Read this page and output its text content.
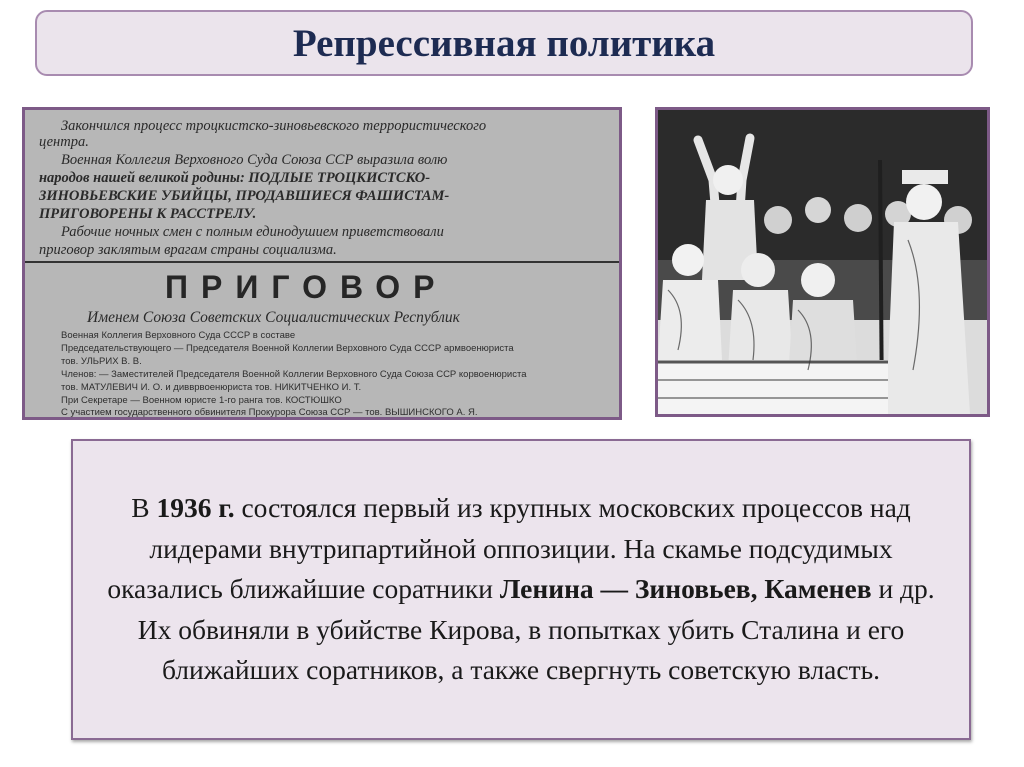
Репрессивная политика
Закончился процесс троцкистско-зиновьевского террористического
центра.
Военная Коллегия Верховного Суда Союза ССР выразила волю
народов нашей великой родины: ПОДЛЫЕ ТРОЦКИСТСКО-
ЗИНОВЬЕВСКИЕ УБИЙЦЫ, ПРОДАВШИЕСЯ ФАШИСТАМ-
ПРИГОВОРЕНЫ К РАССТРЕЛУ.
Рабочие ночных смен с полным единодушием приветствовали
приговор заклятым врагам страны социализма.
ПРИГОВОР
Именем Союза Советских Социалистических Республик
Военная Коллегия Верховного Суда СССР в составе
Председательствующего — Председателя Военной Коллегии Верховного Суда СССР армвоенюриста
тов. УЛЬРИХ В. В.
Членов: — Заместителей Председателя Военной Коллегии Верховного Суда Союза ССР корвоенюриста
тов. МАТУЛЕВИЧ И. О. и дивврвоенюриста тов. НИКИТЧЕНКО И. Т.
При Секретаре — Военном юристе 1-го ранга тов. КОСТЮШКО
С участием государственного обвинителя Прокурора Союза ССР — тов. ВЫШИНСКОГО А. Я.

В 1936 г. состоялся первый из крупных московских процессов над лидерами внутрипартийной оппозиции. На скамье подсудимых оказались ближайшие соратники Ленина — Зиновьев, Каменев и др. Их обвиняли в убийстве Кирова, в попытках убить Сталина и его ближайших соратников, а также свергнуть советскую власть.
